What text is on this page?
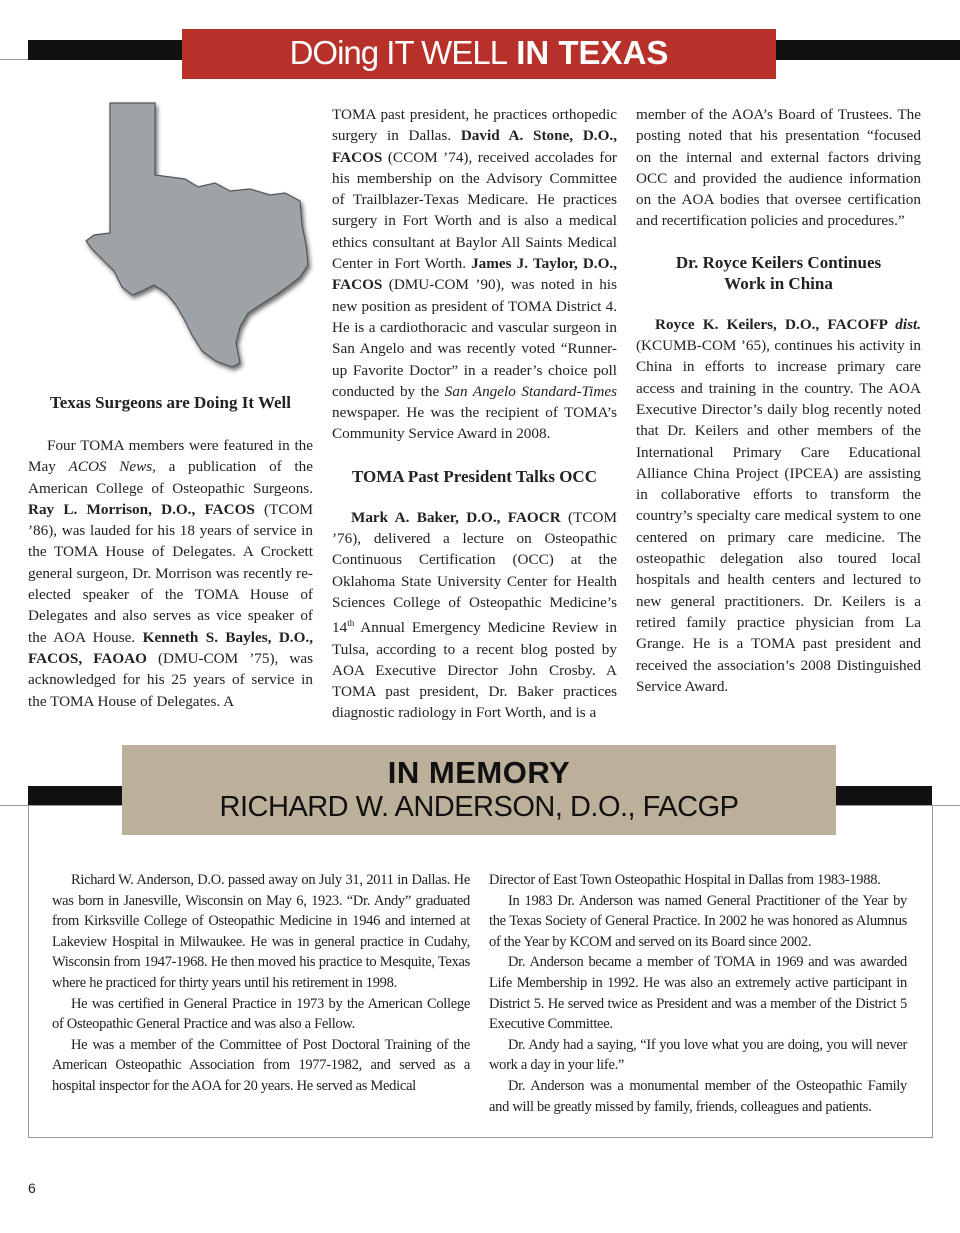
DOing IT WELL IN TEXAS

Texas Surgeons are Doing It Well

Four TOMA members were featured in the May ACOS News, a publication of the American College of Osteopathic Surgeons. Ray L. Morrison, D.O., FACOS (TCOM ’86), was lauded for his 18 years of service in the TOMA House of Delegates. A Crockett general surgeon, Dr. Morrison was recently re-elected speaker of the TOMA House of Delegates and also serves as vice speaker of the AOA House. Kenneth S. Bayles, D.O., FACOS, FAOAO (DMU-COM ’75), was acknowledged for his 25 years of service in the TOMA House of Delegates. A

TOMA past president, he practices orthopedic surgery in Dallas. David A. Stone, D.O., FACOS (CCOM ’74), received accolades for his membership on the Advisory Committee of Trailblazer-Texas Medicare. He practices surgery in Fort Worth and is also a medical ethics consultant at Baylor All Saints Medical Center in Fort Worth. James J. Taylor, D.O., FACOS (DMU-COM ’90), was noted in his new position as president of TOMA District 4. He is a cardiothoracic and vascular surgeon in San Angelo and was recently voted “Runner-up Favorite Doctor” in a reader’s choice poll conducted by the San Angelo Standard-Times newspaper. He was the recipient of TOMA’s Community Service Award in 2008.

TOMA Past President Talks OCC

Mark A. Baker, D.O., FAOCR (TCOM ’76), delivered a lecture on Osteopathic Continuous Certification (OCC) at the Oklahoma State University Center for Health Sciences College of Osteopathic Medicine’s 14th Annual Emergency Medicine Review in Tulsa, according to a recent blog posted by AOA Executive Director John Crosby. A TOMA past president, Dr. Baker practices diagnostic radiology in Fort Worth, and is a

member of the AOA’s Board of Trustees. The posting noted that his presentation “focused on the internal and external factors driving OCC and provided the audience information on the AOA bodies that oversee certification and recertification policies and procedures.”

Dr. Royce Keilers Continues

Work in China

Royce K. Keilers, D.O., FACOFP dist. (KCUMB-COM ’65), continues his activity in China in efforts to increase primary care access and training in the country. The AOA Executive Director’s daily blog recently noted that Dr. Keilers and other members of the International Primary Care Educational Alliance China Project (IPCEA) are assisting in collaborative efforts to transform the country’s specialty care medical system to one centered on primary care medicine. The osteopathic delegation also toured local hospitals and health centers and lectured to new general practitioners. Dr. Keilers is a retired family practice physician from La Grange. He is a TOMA past president and received the association’s 2008 Distinguished Service Award.

IN MEMORY
RICHARD W. ANDERSON, D.O., FACGP

Richard W. Anderson, D.O. passed away on July 31, 2011 in Dallas. He was born in Janesville, Wisconsin on May 6, 1923. “Dr. Andy” graduated from Kirksville College of Osteopathic Medicine in 1946 and interned at Lakeview Hospital in Milwaukee. He was in general practice in Cudahy, Wisconsin from 1947-1968. He then moved his practice to Mesquite, Texas where he practiced for thirty years until his retirement in 1998.

He was certified in General Practice in 1973 by the American College of Osteopathic General Practice and was also a Fellow.

He was a member of the Committee of Post Doctoral Training of the American Osteopathic Association from 1977-1982, and served as a hospital inspector for the AOA for 20 years. He served as Medical

Director of East Town Osteopathic Hospital in Dallas from 1983-1988.

In 1983 Dr. Anderson was named General Practitioner of the Year by the Texas Society of General Practice. In 2002 he was honored as Alumnus of the Year by KCOM and served on its Board since 2002.

Dr. Anderson became a member of TOMA in 1969 and was awarded Life Membership in 1992. He was also an extremely active participant in District 5. He served twice as President and was a member of the District 5 Executive Committee.

Dr. Andy had a saying, “If you love what you are doing, you will never work a day in your life.”

Dr. Anderson was a monumental member of the Osteopathic Family and will be greatly missed by family, friends, colleagues and patients.

6
